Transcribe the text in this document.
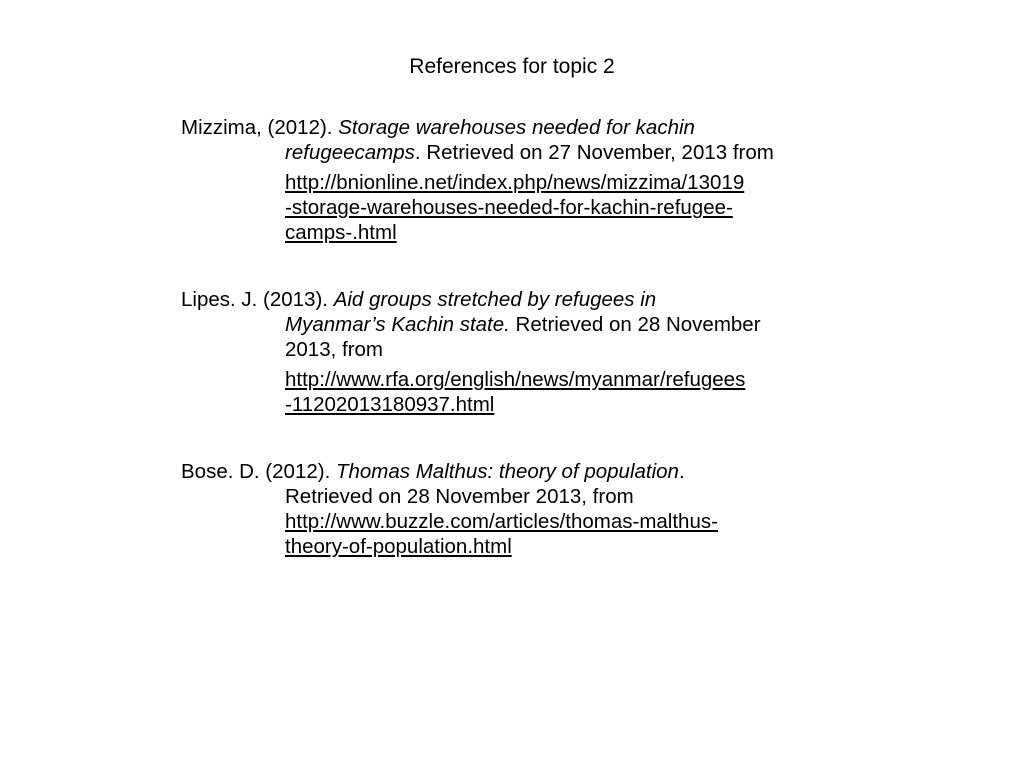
References for topic 2
Mizzima, (2012). Storage warehouses needed for kachin
refugeecamps. Retrieved on 27 November, 2013 from
http://bnionline.net/index.php/news/mizzima/13019
-storage-warehouses-needed-for-kachin-refugee-
camps-.html
Lipes. J. (2013). Aid groups stretched by refugees in
Myanmar’s Kachin state. Retrieved on 28 November
2013, from
http://www.rfa.org/english/news/myanmar/refugees
-11202013180937.html
Bose. D. (2012). Thomas Malthus: theory of population.
Retrieved on 28 November 2013, from
http://www.buzzle.com/articles/thomas-malthus-
theory-of-population.html
